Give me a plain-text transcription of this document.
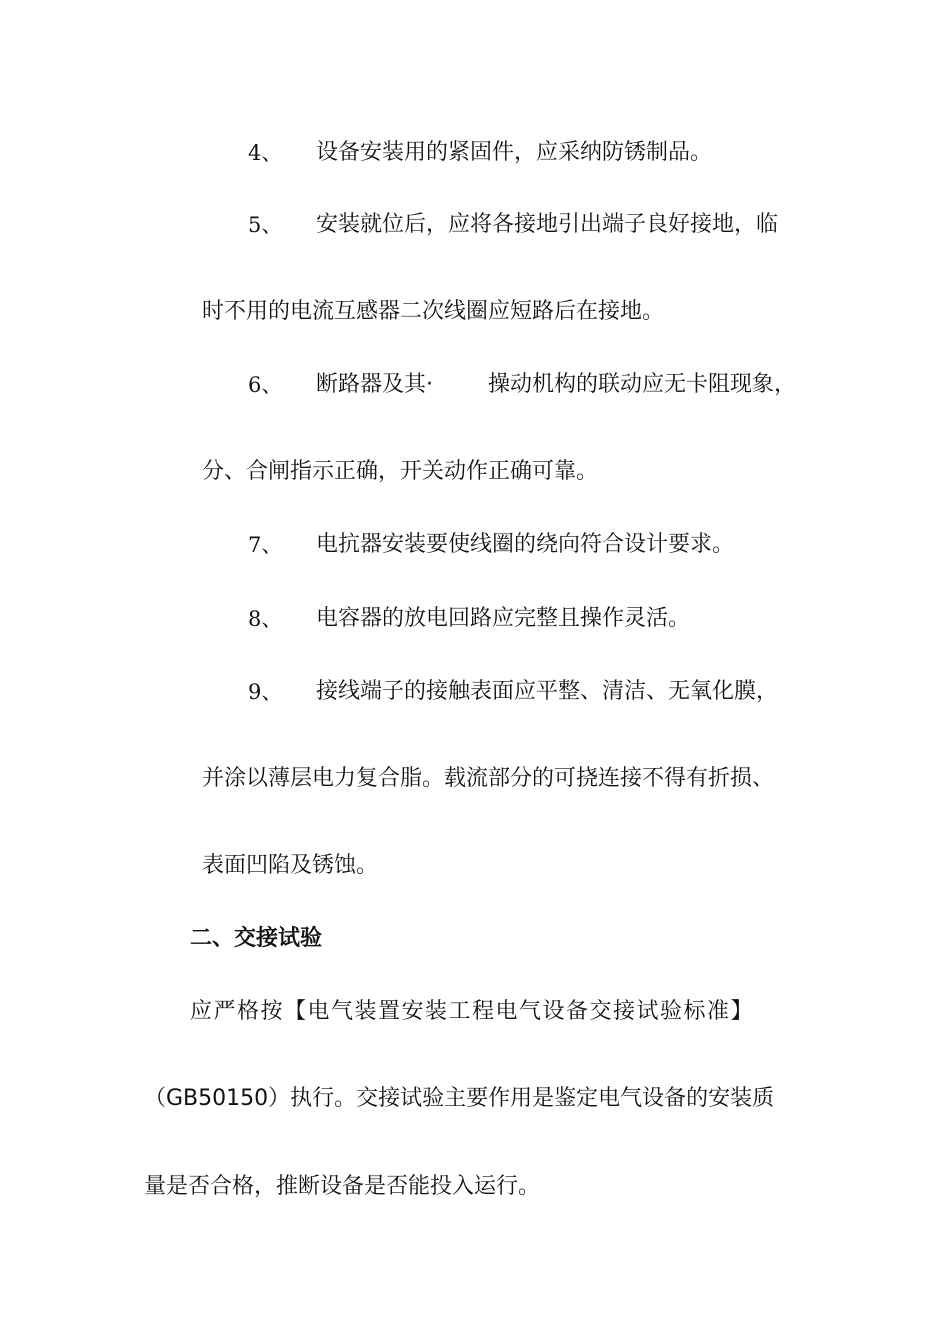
4、 设备安装用的紧固件，应采纳防锈制品。
5、 安装就位后，应将各接地引出端子良好接地，临
时不用的电流互感器二次线圈应短路后在接地。
6、 断路器及其·	操动机构的联动应无卡阻现象，
分、合闸指示正确，开关动作正确可靠。
7、 电抗器安装要使线圈的绕向符合设计要求。
8、 电容器的放电回路应完整且操作灵活。
9、 接线端子的接触表面应平整、清洁、无氧化膜，
并涂以薄层电力复合脂。载流部分的可挠连接不得有折损、
表面凹陷及锈蚀。
二、交接试验
应严格按【电气装置安装工程电气设备交接试验标准】
（GB50150）执行。交接试验主要作用是鉴定电气设备的安装质
量是否合格，推断设备是否能投入运行。
